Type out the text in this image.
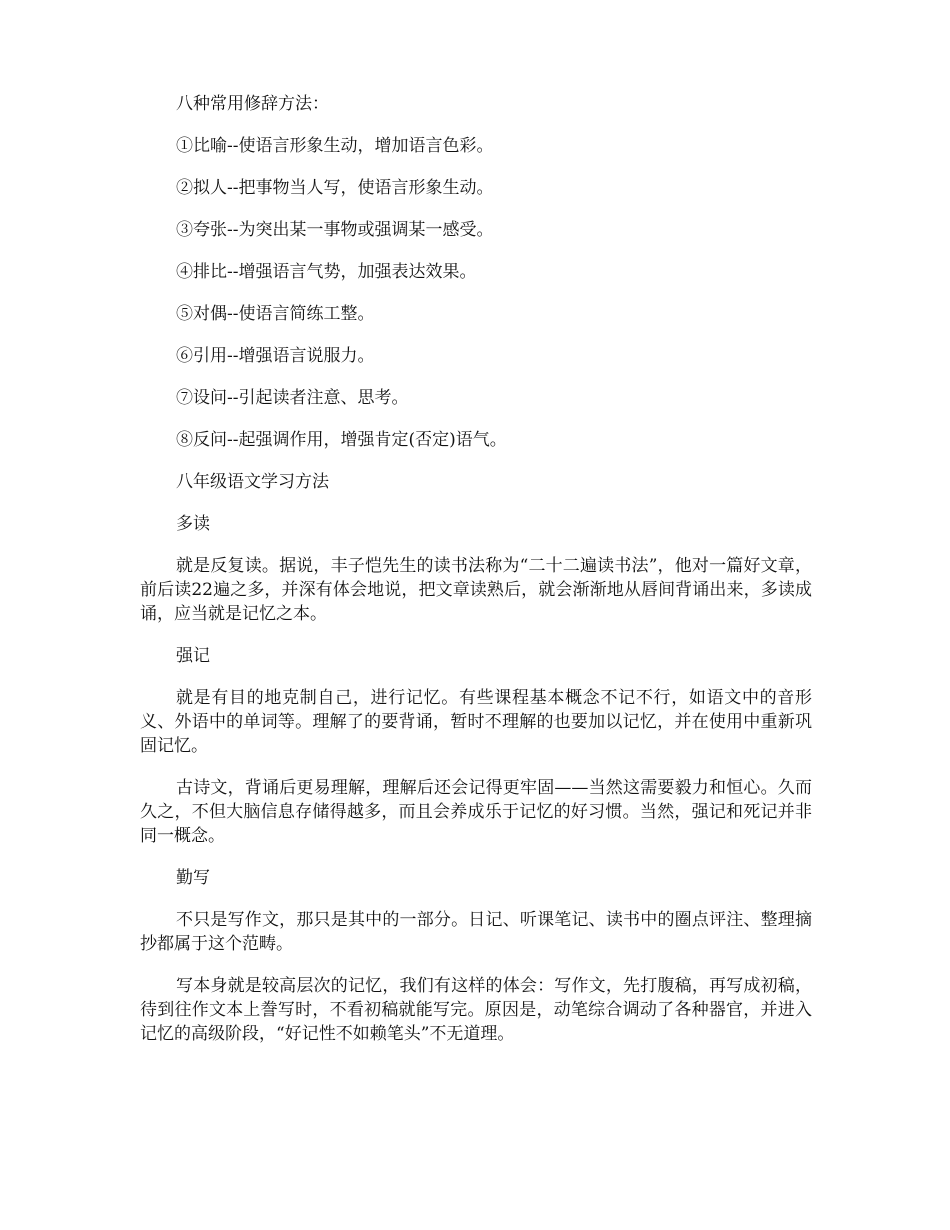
八种常用修辞方法：

①比喻--使语言形象生动，增加语言色彩。

②拟人--把事物当人写，使语言形象生动。

③夸张--为突出某一事物或强调某一感受。

④排比--增强语言气势，加强表达效果。

⑤对偶--使语言简练工整。

⑥引用--增强语言说服力。

⑦设问--引起读者注意、思考。

⑧反问--起强调作用，增强肯定(否定)语气。

八年级语文学习方法

多读

就是反复读。据说，丰子恺先生的读书法称为“二十二遍读书法”，他对一篇好文章，前后读22遍之多，并深有体会地说，把文章读熟后，就会渐渐地从唇间背诵出来，多读成诵，应当就是记忆之本。

强记

就是有目的地克制自己，进行记忆。有些课程基本概念不记不行，如语文中的音形义、外语中的单词等。理解了的要背诵，暂时不理解的也要加以记忆，并在使用中重新巩固记忆。

古诗文，背诵后更易理解，理解后还会记得更牢固——当然这需要毅力和恒心。久而久之，不但大脑信息存储得越多，而且会养成乐于记忆的好习惯。当然，强记和死记并非同一概念。

勤写

不只是写作文，那只是其中的一部分。日记、听课笔记、读书中的圈点评注、整理摘抄都属于这个范畴。

写本身就是较高层次的记忆，我们有这样的体会：写作文，先打腹稿，再写成初稿，待到往作文本上誊写时，不看初稿就能写完。原因是，动笔综合调动了各种器官，并进入记忆的高级阶段，“好记性不如赖笔头”不无道理。
